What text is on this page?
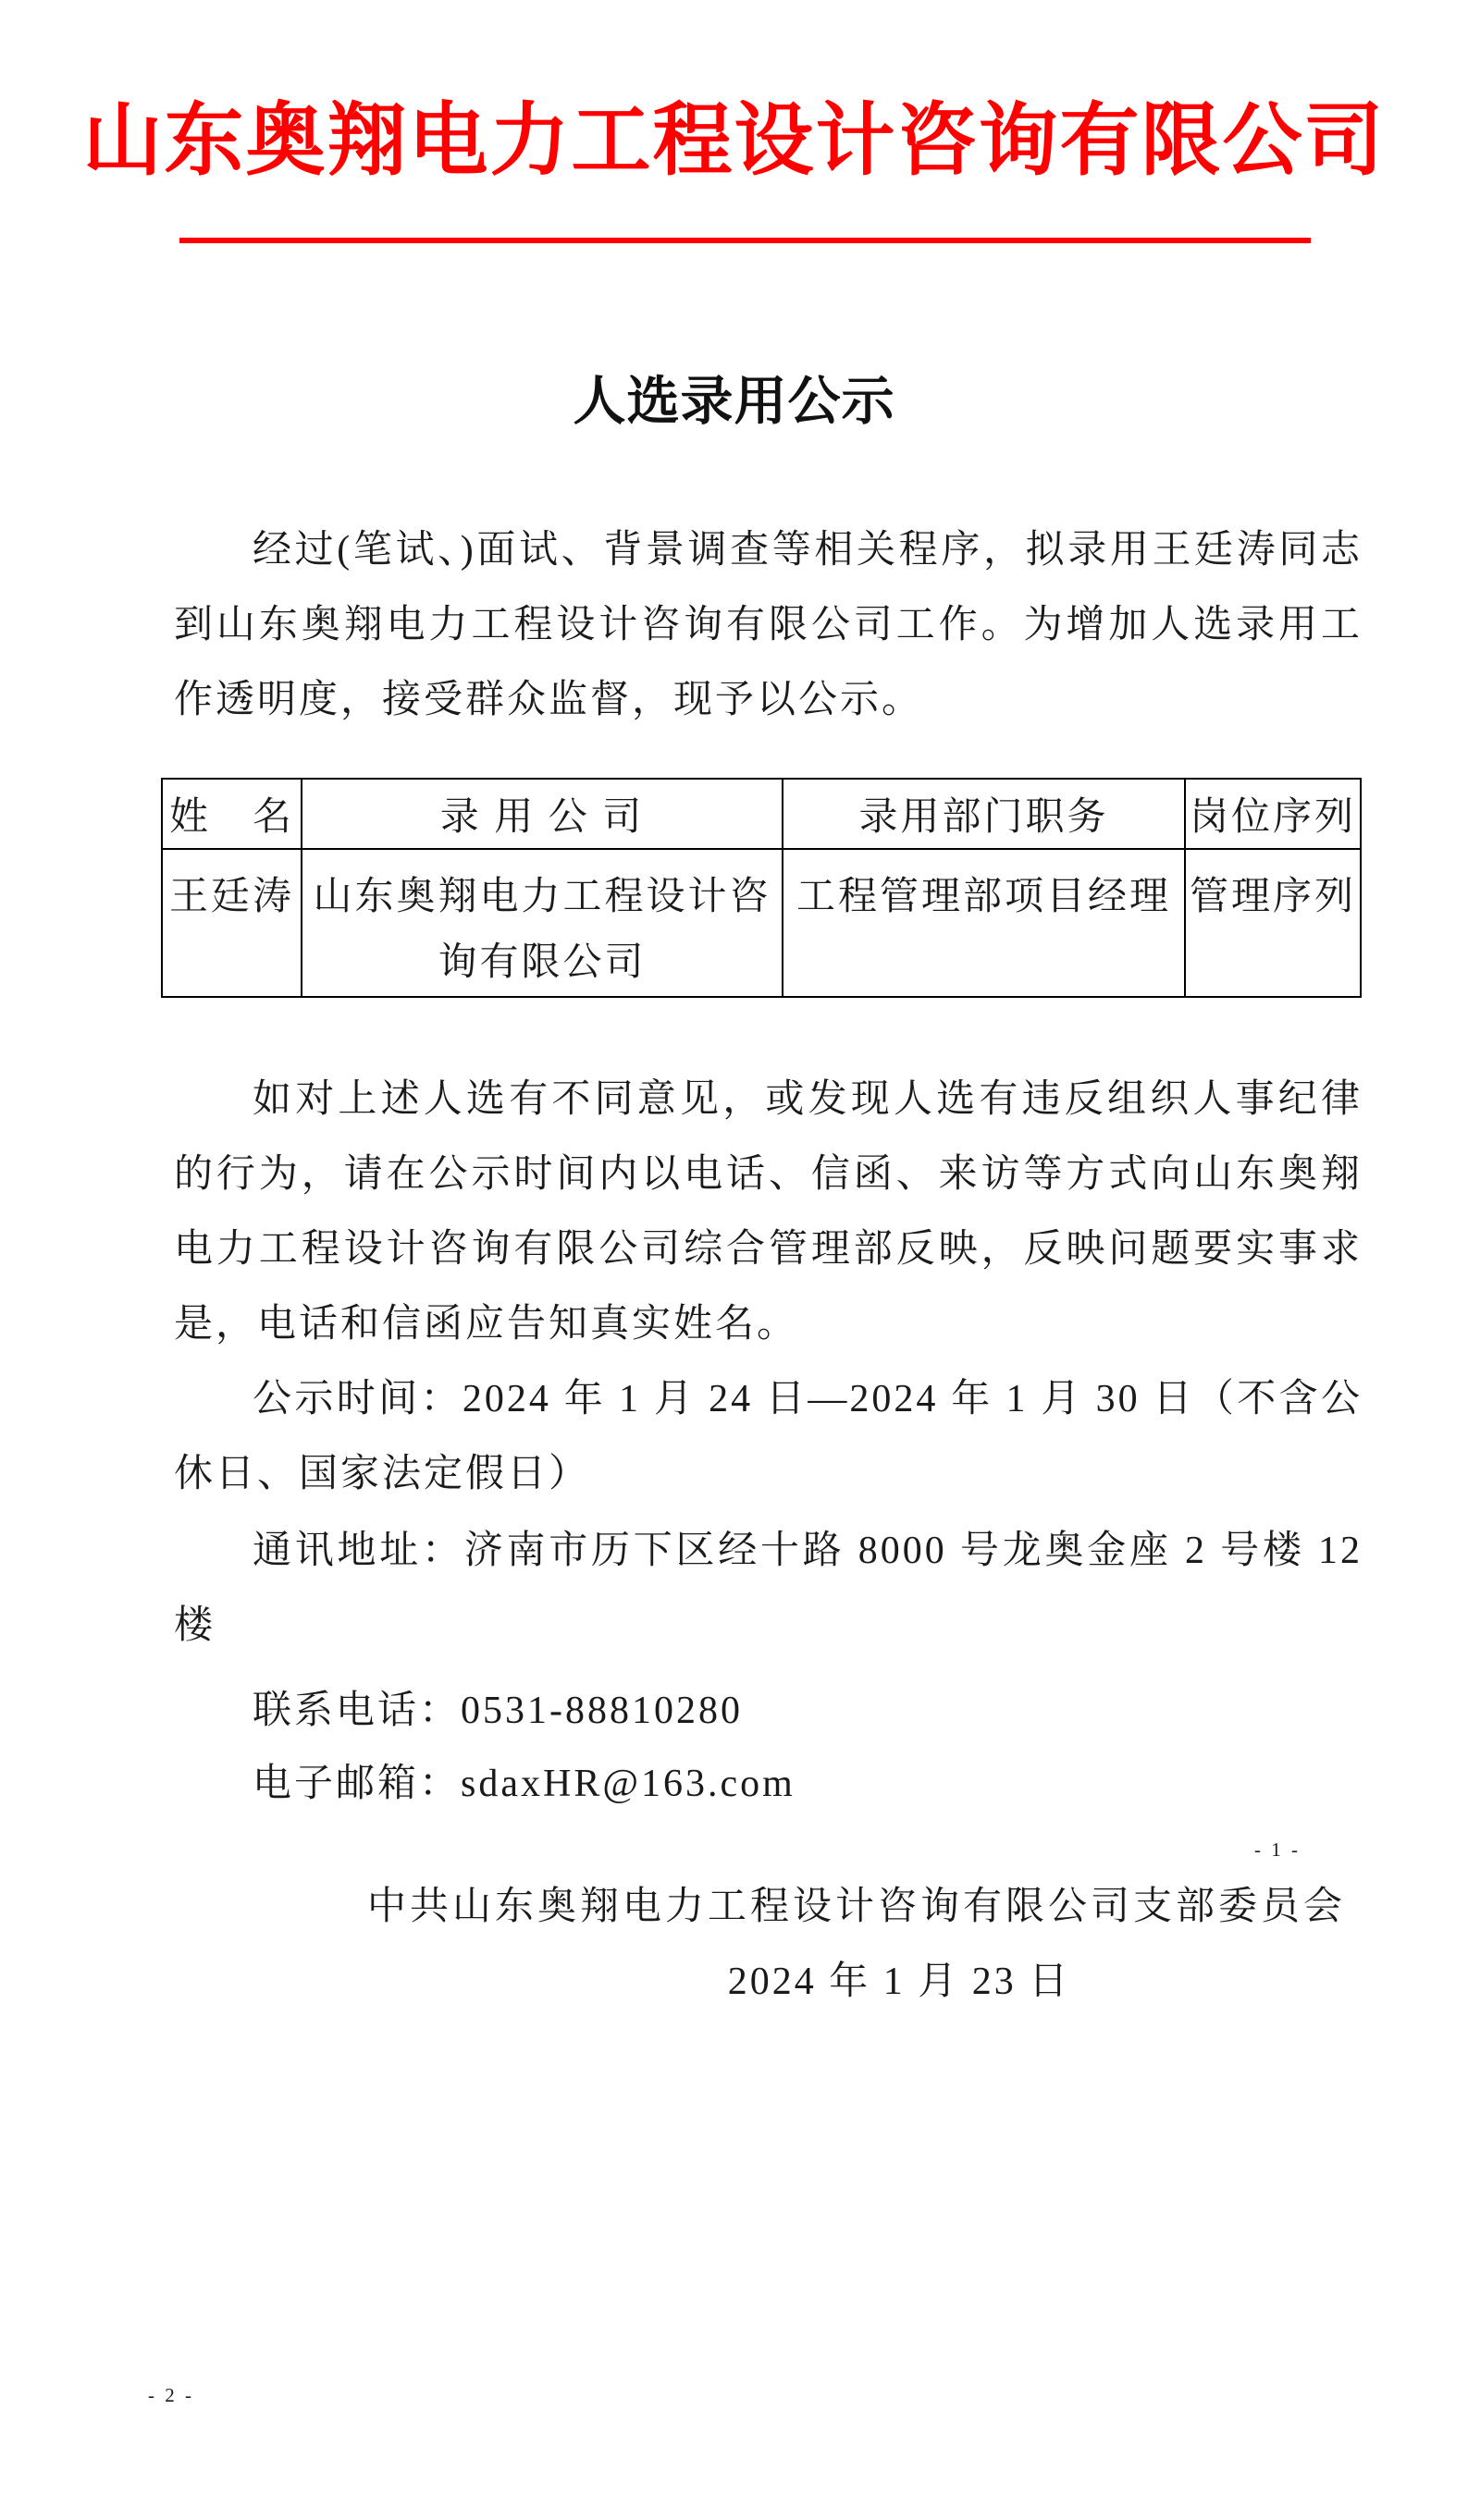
山东奥翔电力工程设计咨询有限公司
人选录用公示

经过(笔试、)面试、背景调查等相关程序，拟录用王廷涛同志到山东奥翔电力工程设计咨询有限公司工作。为增加人选录用工作透明度，接受群众监督，现予以公示。

姓　名	录 用 公 司	录用部门职务	岗位序列
王廷涛	山东奥翔电力工程设计咨询有限公司	工程管理部项目经理	管理序列

如对上述人选有不同意见，或发现人选有违反组织人事纪律的行为，请在公示时间内以电话、信函、来访等方式向山东奥翔电力工程设计咨询有限公司综合管理部反映，反映问题要实事求是，电话和信函应告知真实姓名。

公示时间：2024 年 1 月 24 日—2024 年 1 月 30 日（不含公休日、国家法定假日）

通讯地址：济南市历下区经十路 8000 号龙奥金座 2 号楼 12 楼

联系电话：0531-88810280

电子邮箱：sdaxHR@163.com

- 1 -
中共山东奥翔电力工程设计咨询有限公司支部委员会
2024 年 1 月 23 日
- 2 -
